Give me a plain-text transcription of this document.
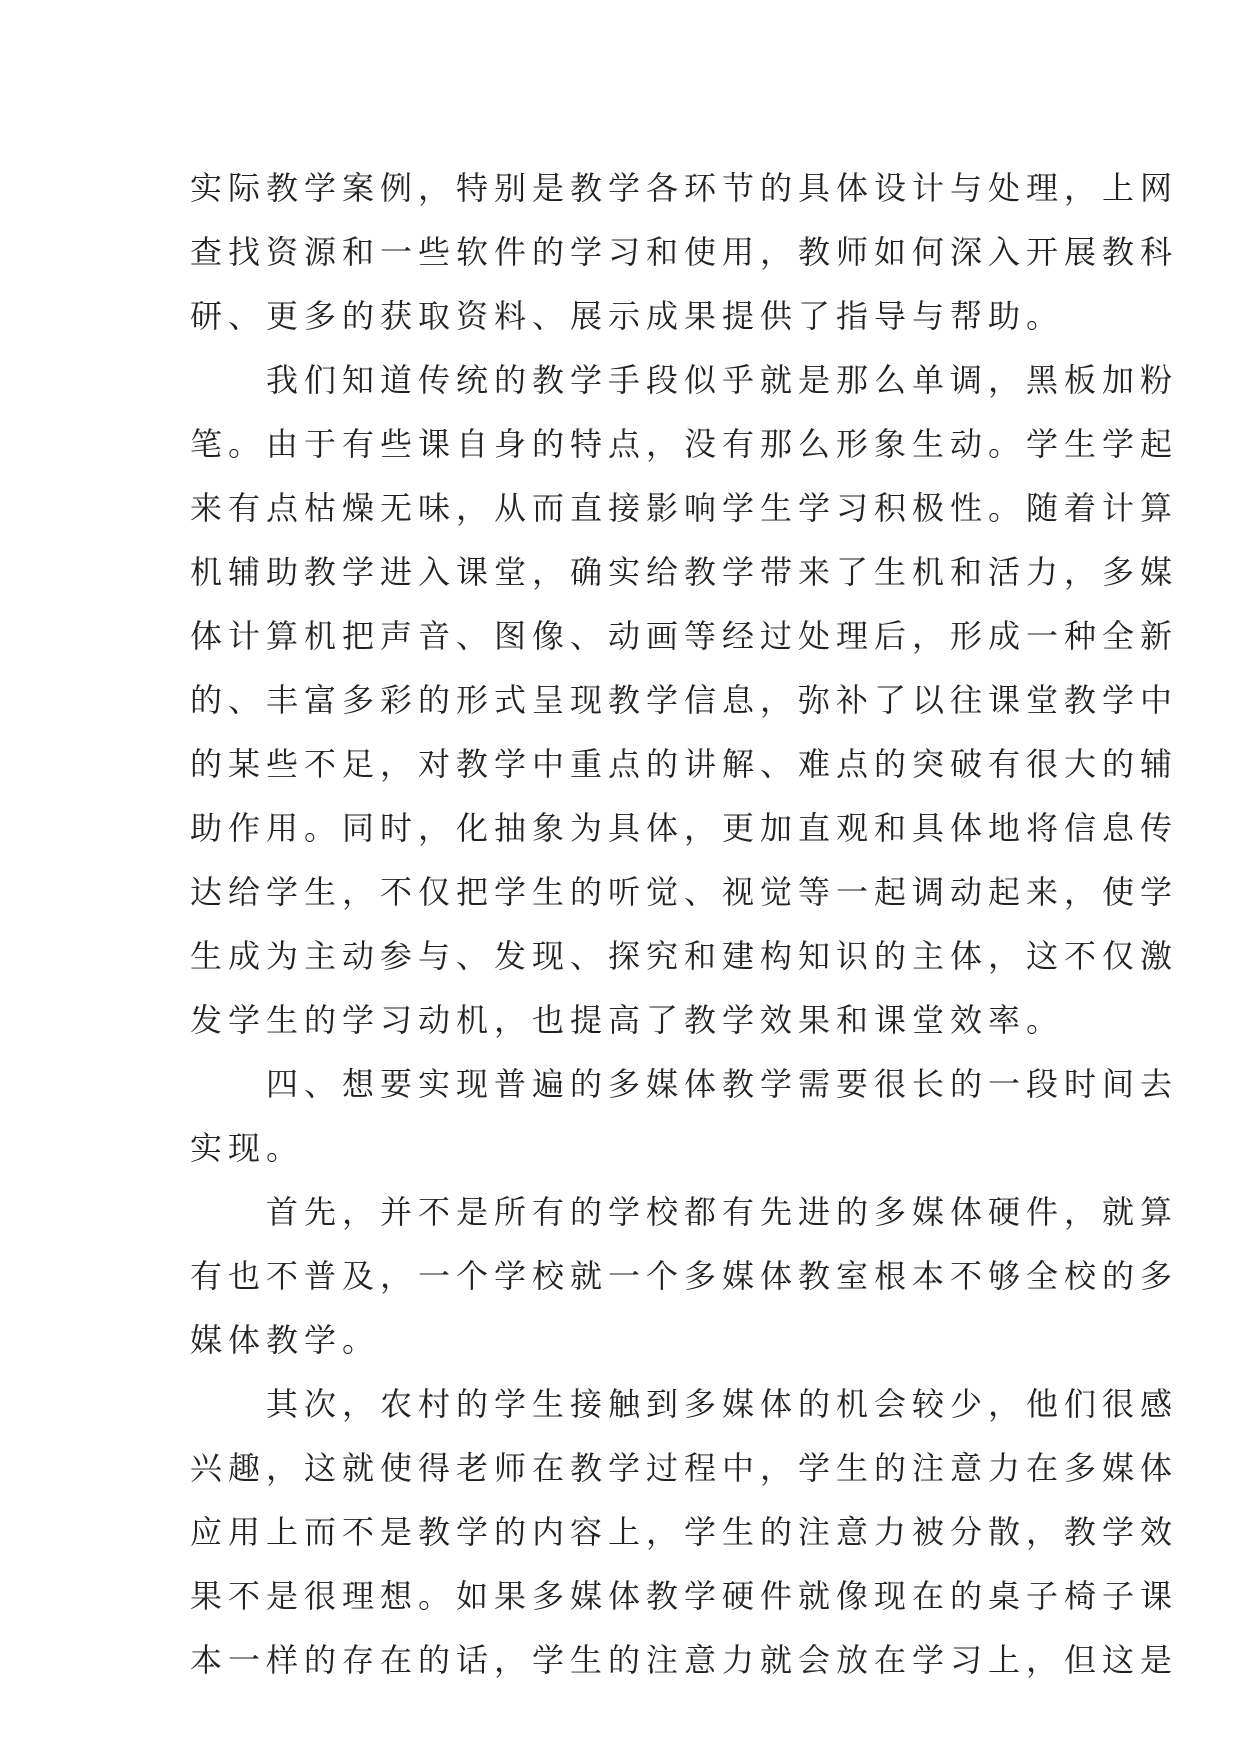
实际教学案例，特别是教学各环节的具体设计与处理，上网
查找资源和一些软件的学习和使用，教师如何深入开展教科
研、更多的获取资料、展示成果提供了指导与帮助。

我们知道传统的教学手段似乎就是那么单调，黑板加粉
笔。由于有些课自身的特点，没有那么形象生动。学生学起
来有点枯燥无味，从而直接影响学生学习积极性。随着计算
机辅助教学进入课堂，确实给教学带来了生机和活力，多媒
体计算机把声音、图像、动画等经过处理后，形成一种全新
的、丰富多彩的形式呈现教学信息，弥补了以往课堂教学中
的某些不足，对教学中重点的讲解、难点的突破有很大的辅
助作用。同时，化抽象为具体，更加直观和具体地将信息传
达给学生，不仅把学生的听觉、视觉等一起调动起来，使学
生成为主动参与、发现、探究和建构知识的主体，这不仅激
发学生的学习动机，也提高了教学效果和课堂效率。

四、想要实现普遍的多媒体教学需要很长的一段时间去
实现。

首先，并不是所有的学校都有先进的多媒体硬件，就算
有也不普及，一个学校就一个多媒体教室根本不够全校的多
媒体教学。

其次，农村的学生接触到多媒体的机会较少，他们很感
兴趣，这就使得老师在教学过程中，学生的注意力在多媒体
应用上而不是教学的内容上，学生的注意力被分散，教学效
果不是很理想。如果多媒体教学硬件就像现在的桌子椅子课
本一样的存在的话，学生的注意力就会放在学习上，但这是
